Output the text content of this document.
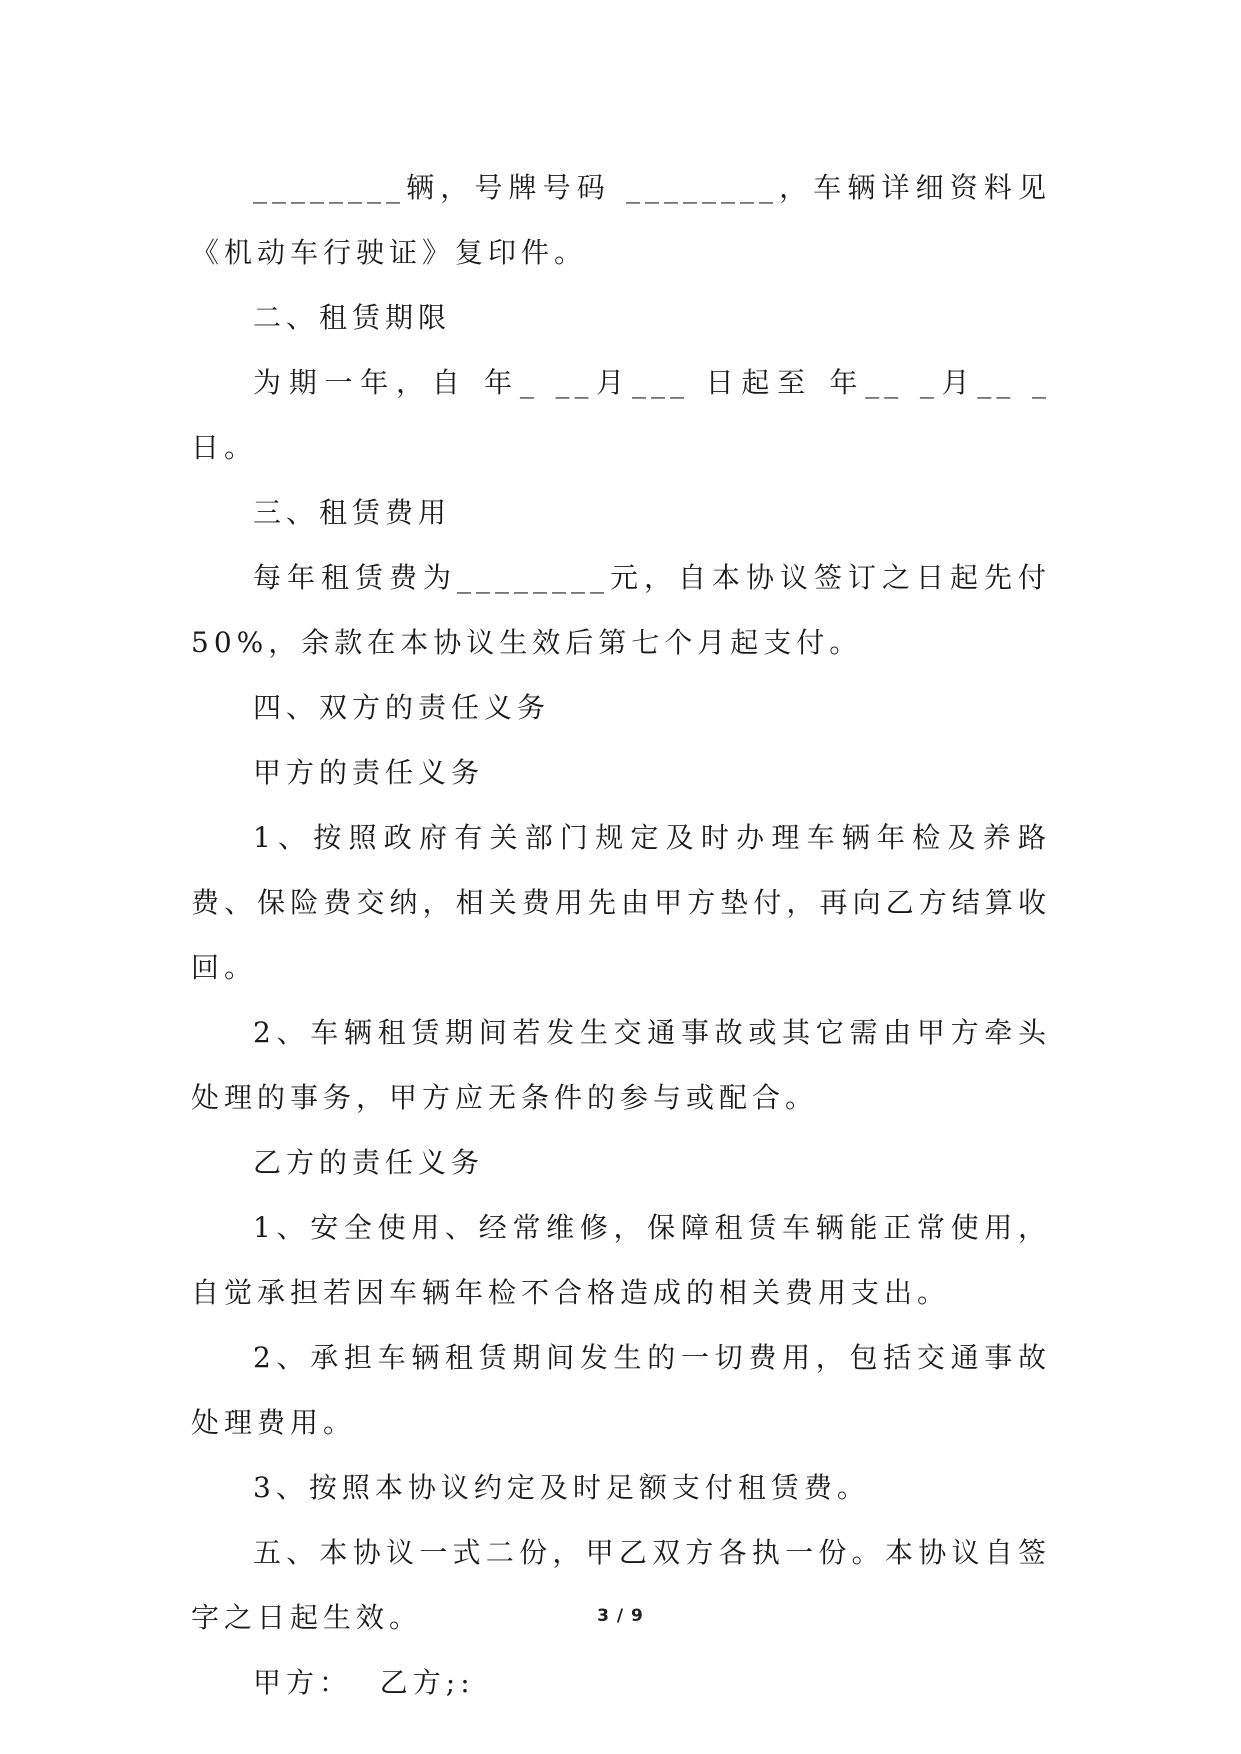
________辆，号牌号码 ________，车辆详细资料见《机动车行驶证》复印件。

二、租赁期限

为期一年，自 年_ __月___ 日起至 年__ _月__ _日。

三、租赁费用

每年租赁费为________元，自本协议签订之日起先付 50%，余款在本协议生效后第七个月起支付。

四、双方的责任义务

甲方的责任义务

1、按照政府有关部门规定及时办理车辆年检及养路费、保险费交纳，相关费用先由甲方垫付，再向乙方结算收回。

2、车辆租赁期间若发生交通事故或其它需由甲方牵头处理的事务，甲方应无条件的参与或配合。

乙方的责任义务

1、安全使用、经常维修，保障租赁车辆能正常使用，自觉承担若因车辆年检不合格造成的相关费用支出。

2、承担车辆租赁期间发生的一切费用，包括交通事故处理费用。

3、按照本协议约定及时足额支付租赁费。

五、本协议一式二份，甲乙双方各执一份。本协议自签字之日起生效。

甲方：  乙方;:

3 / 9
